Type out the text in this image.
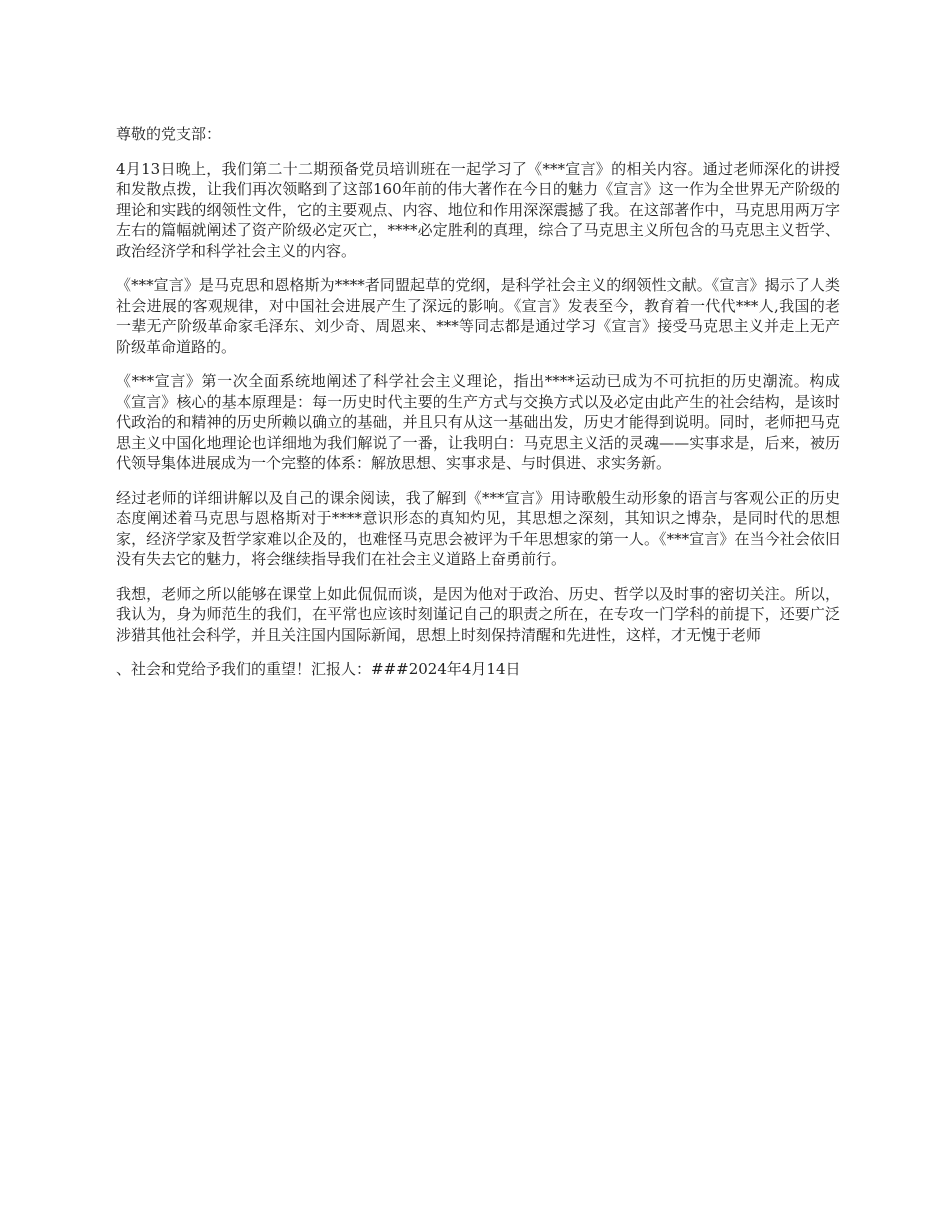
尊敬的党支部：

4月13日晚上，我们第二十二期预备党员培训班在一起学习了《***宣言》的相关内容。通过老师深化的讲授和发散点拨，让我们再次领略到了这部160年前的伟大著作在今日的魅力《宣言》这一作为全世界无产阶级的理论和实践的纲领性文件，它的主要观点、内容、地位和作用深深震撼了我。在这部著作中，马克思用两万字左右的篇幅就阐述了资产阶级必定灭亡，****必定胜利的真理，综合了马克思主义所包含的马克思主义哲学、政治经济学和科学社会主义的内容。

《***宣言》是马克思和恩格斯为****者同盟起草的党纲，是科学社会主义的纲领性文献。《宣言》揭示了人类社会进展的客观规律，对中国社会进展产生了深远的影响。《宣言》发表至今，教育着一代代***人,我国的老一辈无产阶级革命家毛泽东、刘少奇、周恩来、***等同志都是通过学习《宣言》接受马克思主义并走上无产阶级革命道路的。

《***宣言》第一次全面系统地阐述了科学社会主义理论，指出****运动已成为不可抗拒的历史潮流。构成《宣言》核心的基本原理是：每一历史时代主要的生产方式与交换方式以及必定由此产生的社会结构，是该时代政治的和精神的历史所赖以确立的基础，并且只有从这一基础出发，历史才能得到说明。同时，老师把马克思主义中国化地理论也详细地为我们解说了一番，让我明白：马克思主义活的灵魂——实事求是，后来，被历代领导集体进展成为一个完整的体系：解放思想、实事求是、与时俱进、求实务新。

经过老师的详细讲解以及自己的课余阅读，我了解到《***宣言》用诗歌般生动形象的语言与客观公正的历史态度阐述着马克思与恩格斯对于****意识形态的真知灼见，其思想之深刻，其知识之博杂，是同时代的思想家，经济学家及哲学家难以企及的，也难怪马克思会被评为千年思想家的第一人。《***宣言》在当今社会依旧没有失去它的魅力，将会继续指导我们在社会主义道路上奋勇前行。

我想，老师之所以能够在课堂上如此侃侃而谈，是因为他对于政治、历史、哲学以及时事的密切关注。所以，我认为，身为师范生的我们，在平常也应该时刻谨记自己的职责之所在，在专攻一门学科的前提下，还要广泛涉猎其他社会科学，并且关注国内国际新闻，思想上时刻保持清醒和先进性，这样，才无愧于老师

、社会和党给予我们的重望！汇报人：###2024年4月14日
